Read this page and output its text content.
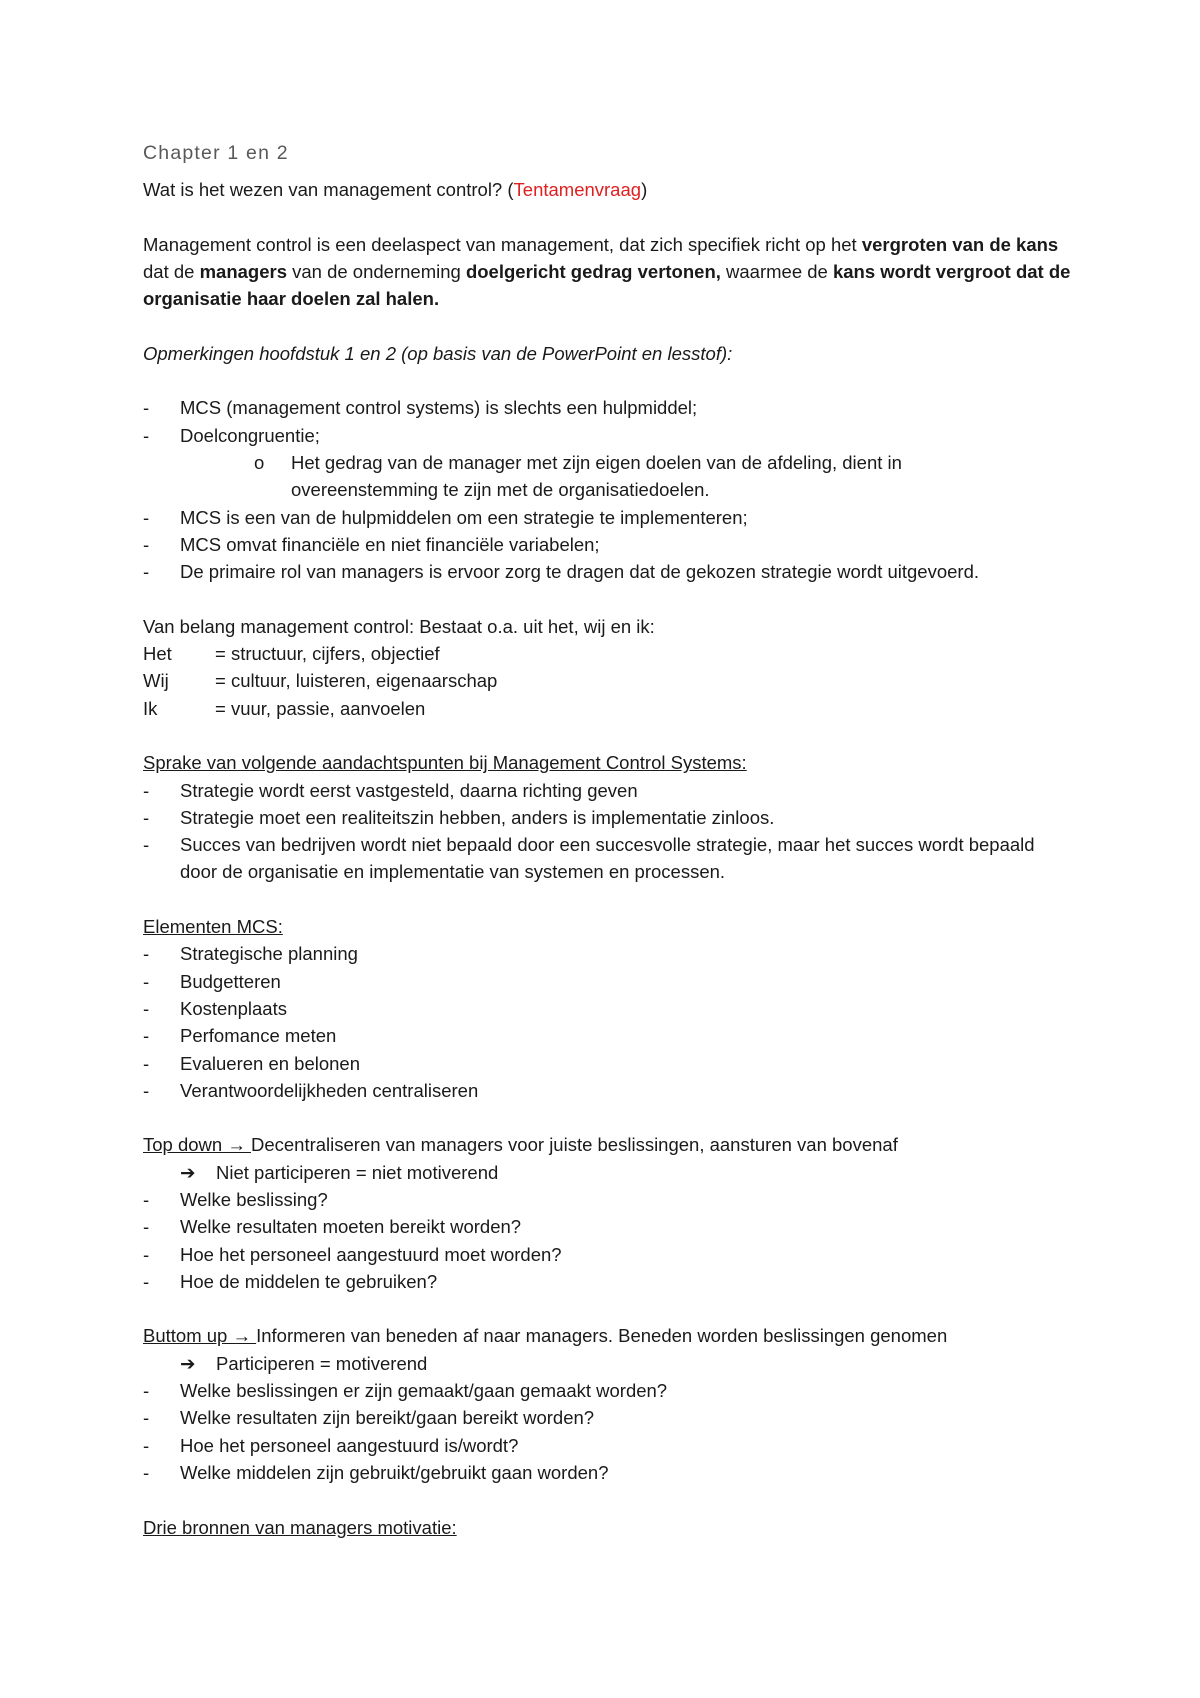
Chapter 1 en 2
Wat is het wezen van management control? (Tentamenvraag)
Management control is een deelaspect van management, dat zich specifiek richt op het vergroten van de kans dat de managers van de onderneming doelgericht gedrag vertonen, waarmee de kans wordt vergroot dat de organisatie haar doelen zal halen.
Opmerkingen hoofdstuk 1 en 2 (op basis van de PowerPoint en lesstof):
-	MCS (management control systems) is slechts een hulpmiddel;
-	Doelcongruentie;
o	Het gedrag van de manager met zijn eigen doelen van de afdeling, dient in
overeenstemming te zijn met de organisatiedoelen.
-	MCS is een van de hulpmiddelen om een strategie te implementeren;
-	MCS omvat financiële en niet financiële variabelen;
-	De primaire rol van managers is ervoor zorg te dragen dat de gekozen strategie wordt uitgevoerd.
Van belang management control: Bestaat o.a. uit het, wij en ik:
Het	= structuur, cijfers, objectief
Wij	= cultuur, luisteren, eigenaarschap
Ik	= vuur, passie, aanvoelen
Sprake van volgende aandachtspunten bij Management Control Systems:
-	Strategie wordt eerst vastgesteld, daarna richting geven
-	Strategie moet een realiteitszin hebben, anders is implementatie zinloos.
-	Succes van bedrijven wordt niet bepaald door een succesvolle strategie, maar het succes wordt bepaald door de organisatie en implementatie van systemen en processen.
Elementen MCS:
-	Strategische planning
-	Budgetteren
-	Kostenplaats
-	Perfomance meten
-	Evalueren en belonen
-	Verantwoordelijkheden centraliseren
Top down → Decentraliseren van managers voor juiste beslissingen, aansturen van bovenaf
➔ Niet participeren = niet motiverend
-	Welke beslissing?
-	Welke resultaten moeten bereikt worden?
-	Hoe het personeel aangestuurd moet worden?
-	Hoe de middelen te gebruiken?
Buttom up → Informeren van beneden af naar managers. Beneden worden beslissingen genomen
➔ Participeren = motiverend
-	Welke beslissingen er zijn gemaakt/gaan gemaakt worden?
-	Welke resultaten zijn bereikt/gaan bereikt worden?
-	Hoe het personeel aangestuurd is/wordt?
-	Welke middelen zijn gebruikt/gebruikt gaan worden?
Drie bronnen van managers motivatie:
